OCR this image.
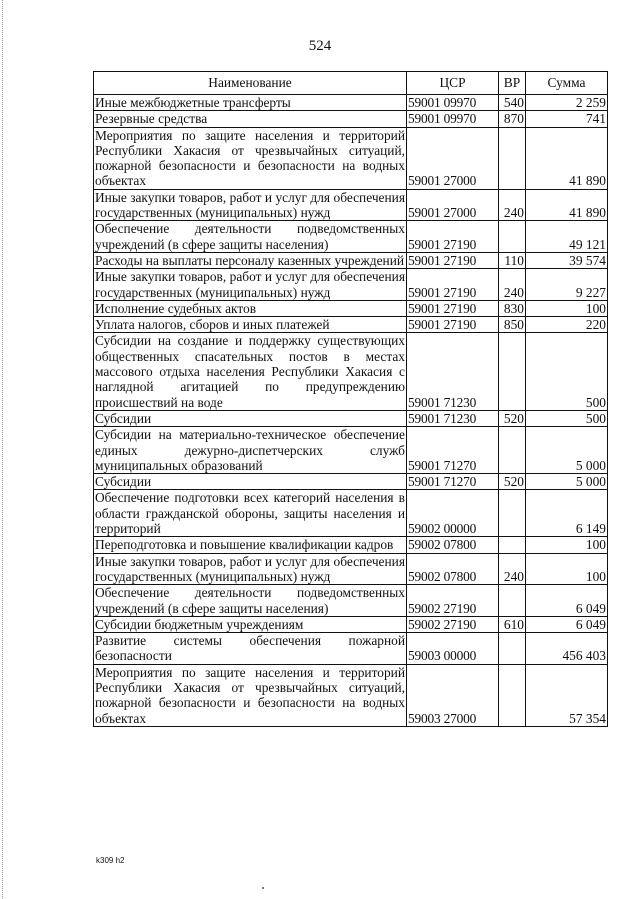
524
Наименование	ЦСР	ВР	Сумма
Иные межбюджетные трансферты	59001 09970	540	2 259
Резервные средства	59001 09970	870	741
Мероприятия по защите населения и территорий Республики Хакасия от чрезвычайных ситуаций, пожарной безопасности и безопасности на водных объектах	59001 27000		41 890
Иные закупки товаров, работ и услуг для обеспечения государственных (муниципальных) нужд	59001 27000	240	41 890
Обеспечение деятельности подведомственных учреждений (в сфере защиты населения)	59001 27190		49 121
Расходы на выплаты персоналу казенных учреждений	59001 27190	110	39 574
Иные закупки товаров, работ и услуг для обеспечения государственных (муниципальных) нужд	59001 27190	240	9 227
Исполнение судебных актов	59001 27190	830	100
Уплата налогов, сборов и иных платежей	59001 27190	850	220
Субсидии на создание и поддержку существующих общественных спасательных постов в местах массового отдыха населения Республики Хакасия с наглядной агитацией по предупреждению происшествий на воде	59001 71230		500
Субсидии	59001 71230	520	500
Субсидии на материально-техническое обеспечение единых дежурно-диспетчерских служб муниципальных образований	59001 71270		5 000
Субсидии	59001 71270	520	5 000
Обеспечение подготовки всех категорий населения в области гражданской обороны, защиты населения и территорий	59002 00000		6 149
Переподготовка и повышение квалификации кадров	59002 07800		100
Иные закупки товаров, работ и услуг для обеспечения государственных (муниципальных) нужд	59002 07800	240	100
Обеспечение деятельности подведомственных учреждений (в сфере защиты населения)	59002 27190		6 049
Субсидии бюджетным учреждениям	59002 27190	610	6 049
Развитие системы обеспечения пожарной безопасности	59003 00000		456 403
Мероприятия по защите населения и территорий Республики Хакасия от чрезвычайных ситуаций, пожарной безопасности и безопасности на водных объектах	59003 27000		57 354
k309 h2
